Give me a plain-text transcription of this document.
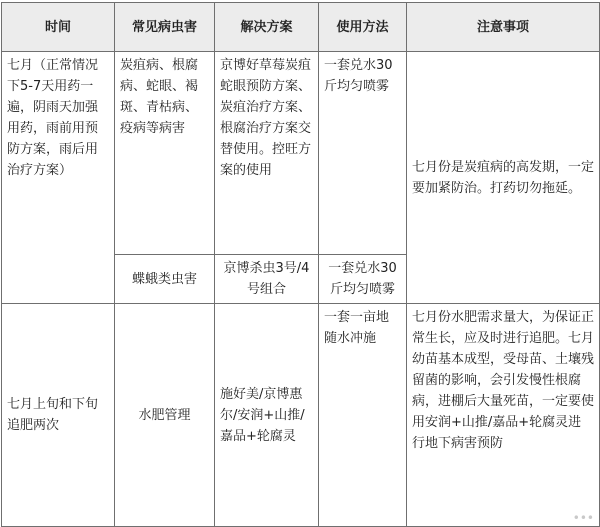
时间	常见病虫害	解决方案	使用方法	注意事项
七月（正常情况下5-7天用药一遍，阴雨天加强用药，雨前用预防方案，雨后用治疗方案）	炭疽病、根腐病、蛇眼、褐斑、青枯病、疫病等病害	京博好草莓炭疽蛇眼预防方案、炭疽治疗方案、根腐治疗方案交替使用。控旺方案的使用	一套兑水30斤均匀喷雾	七月份是炭疽病的高发期，一定要加紧防治。打药切勿拖延。
	蝶蛾类虫害	京博杀虫3号/4号组合	一套兑水30斤均匀喷雾	
七月上旬和下旬追肥两次	水肥管理	施好美/京博惠尔/安润+山推/嘉品+轮腐灵	一套一亩地随水冲施	七月份水肥需求量大，为保证正常生长，应及时进行追肥。七月幼苗基本成型，受母苗、土壤残留菌的影响，会引发慢性根腐病，进棚后大量死苗，一定要使用安润+山推/嘉品+轮腐灵进行地下病害预防
•••
